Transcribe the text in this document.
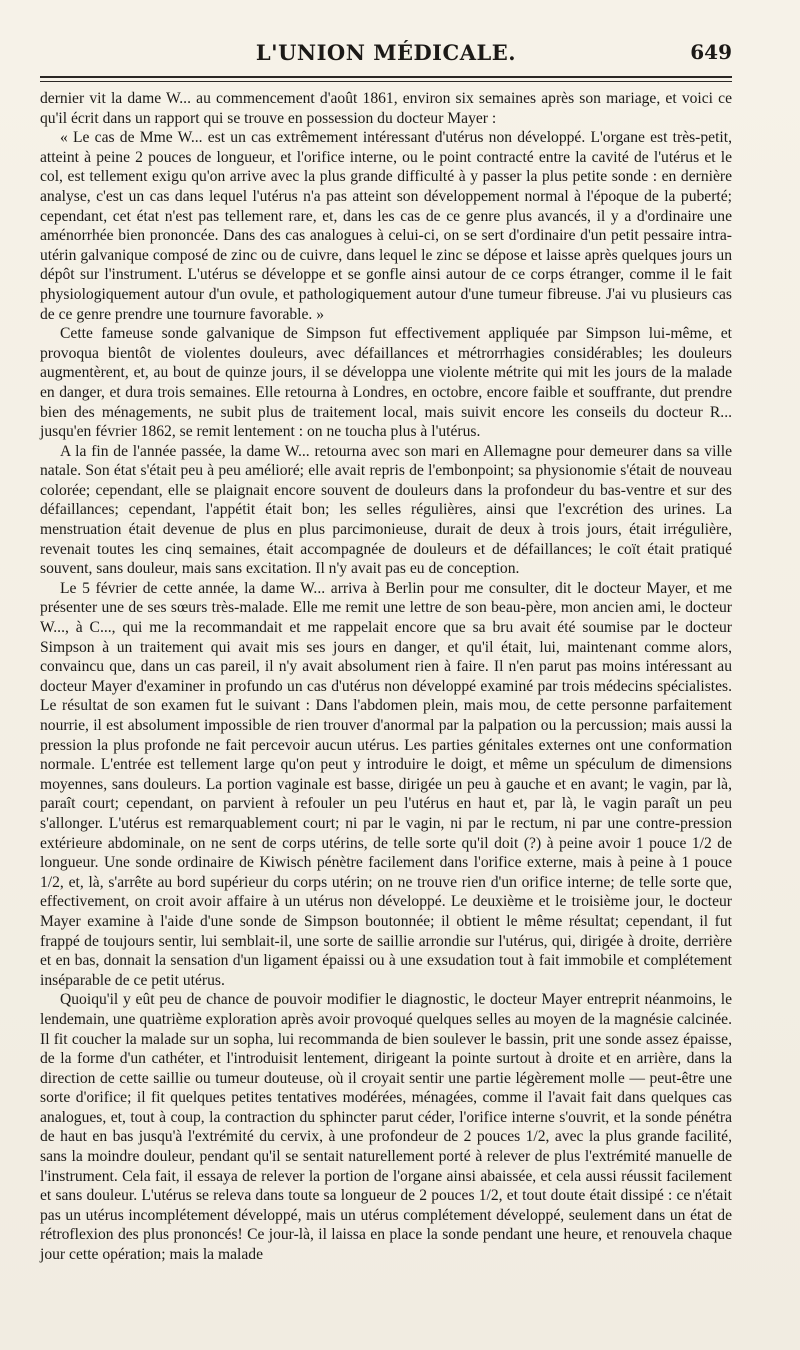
L'UNION MÉDICALE.	649

dernier vit la dame W... au commencement d'août 1861, environ six semaines après son mariage, et voici ce qu'il écrit dans un rapport qui se trouve en possession du docteur Mayer :

« Le cas de Mme W... est un cas extrêmement intéressant d'utérus non développé. L'organe est très-petit, atteint à peine 2 pouces de longueur, et l'orifice interne, ou le point contracté entre la cavité de l'utérus et le col, est tellement exigu qu'on arrive avec la plus grande difficulté à y passer la plus petite sonde : en dernière analyse, c'est un cas dans lequel l'utérus n'a pas atteint son développement normal à l'époque de la puberté; cependant, cet état n'est pas tellement rare, et, dans les cas de ce genre plus avancés, il y a d'ordinaire une aménorrhée bien prononcée. Dans des cas analogues à celui-ci, on se sert d'ordinaire d'un petit pessaire intra-utérin galvanique composé de zinc ou de cuivre, dans lequel le zinc se dépose et laisse après quelques jours un dépôt sur l'instrument. L'utérus se développe et se gonfle ainsi autour de ce corps étranger, comme il le fait physiologiquement autour d'un ovule, et pathologiquement autour d'une tumeur fibreuse. J'ai vu plusieurs cas de ce genre prendre une tournure favorable. »

Cette fameuse sonde galvanique de Simpson fut effectivement appliquée par Simpson lui-même, et provoqua bientôt de violentes douleurs, avec défaillances et métrorrhagies considérables; les douleurs augmentèrent, et, au bout de quinze jours, il se développa une violente métrite qui mit les jours de la malade en danger, et dura trois semaines. Elle retourna à Londres, en octobre, encore faible et souffrante, dut prendre bien des ménagements, ne subit plus de traitement local, mais suivit encore les conseils du docteur R... jusqu'en février 1862, se remit lentement : on ne toucha plus à l'utérus.

A la fin de l'année passée, la dame W... retourna avec son mari en Allemagne pour demeurer dans sa ville natale. Son état s'était peu à peu amélioré; elle avait repris de l'embonpoint; sa physionomie s'était de nouveau colorée; cependant, elle se plaignait encore souvent de douleurs dans la profondeur du bas-ventre et sur des défaillances; cependant, l'appétit était bon; les selles régulières, ainsi que l'excrétion des urines. La menstruation était devenue de plus en plus parcimonieuse, durait de deux à trois jours, était irrégulière, revenait toutes les cinq semaines, était accompagnée de douleurs et de défaillances; le coït était pratiqué souvent, sans douleur, mais sans excitation. Il n'y avait pas eu de conception.

Le 5 février de cette année, la dame W... arriva à Berlin pour me consulter, dit le docteur Mayer, et me présenter une de ses sœurs très-malade. Elle me remit une lettre de son beau-père, mon ancien ami, le docteur W..., à C..., qui me la recommandait et me rappelait encore que sa bru avait été soumise par le docteur Simpson à un traitement qui avait mis ses jours en danger, et qu'il était, lui, maintenant comme alors, convaincu que, dans un cas pareil, il n'y avait absolument rien à faire. Il n'en parut pas moins intéressant au docteur Mayer d'examiner in profundo un cas d'utérus non développé examiné par trois médecins spécialistes. Le résultat de son examen fut le suivant : Dans l'abdomen plein, mais mou, de cette personne parfaitement nourrie, il est absolument impossible de rien trouver d'anormal par la palpation ou la percussion; mais aussi la pression la plus profonde ne fait percevoir aucun utérus. Les parties génitales externes ont une conformation normale. L'entrée est tellement large qu'on peut y introduire le doigt, et même un spéculum de dimensions moyennes, sans douleurs. La portion vaginale est basse, dirigée un peu à gauche et en avant; le vagin, par là, paraît court; cependant, on parvient à refouler un peu l'utérus en haut et, par là, le vagin paraît un peu s'allonger. L'utérus est remarquablement court; ni par le vagin, ni par le rectum, ni par une contre-pression extérieure abdominale, on ne sent de corps utérins, de telle sorte qu'il doit (?) à peine avoir 1 pouce 1/2 de longueur. Une sonde ordinaire de Kiwisch pénètre facilement dans l'orifice externe, mais à peine à 1 pouce 1/2, et, là, s'arrête au bord supérieur du corps utérin; on ne trouve rien d'un orifice interne; de telle sorte que, effectivement, on croit avoir affaire à un utérus non développé. Le deuxième et le troisième jour, le docteur Mayer examine à l'aide d'une sonde de Simpson boutonnée; il obtient le même résultat; cependant, il fut frappé de toujours sentir, lui semblait-il, une sorte de saillie arrondie sur l'utérus, qui, dirigée à droite, derrière et en bas, donnait la sensation d'un ligament épaissi ou à une exsudation tout à fait immobile et complétement inséparable de ce petit utérus.

Quoiqu'il y eût peu de chance de pouvoir modifier le diagnostic, le docteur Mayer entreprit néanmoins, le lendemain, une quatrième exploration après avoir provoqué quelques selles au moyen de la magnésie calcinée. Il fit coucher la malade sur un sopha, lui recommanda de bien soulever le bassin, prit une sonde assez épaisse, de la forme d'un cathéter, et l'introduisit lentement, dirigeant la pointe surtout à droite et en arrière, dans la direction de cette saillie ou tumeur douteuse, où il croyait sentir une partie légèrement molle — peut-être une sorte d'orifice; il fit quelques petites tentatives modérées, ménagées, comme il l'avait fait dans quelques cas analogues, et, tout à coup, la contraction du sphincter parut céder, l'orifice interne s'ouvrit, et la sonde pénétra de haut en bas jusqu'à l'extrémité du cervix, à une profondeur de 2 pouces 1/2, avec la plus grande facilité, sans la moindre douleur, pendant qu'il se sentait naturellement porté à relever de plus l'extrémité manuelle de l'instrument. Cela fait, il essaya de relever la portion de l'organe ainsi abaissée, et cela aussi réussit facilement et sans douleur. L'utérus se releva dans toute sa longueur de 2 pouces 1/2, et tout doute était dissipé : ce n'était pas un utérus incomplétement développé, mais un utérus complétement développé, seulement dans un état de rétroflexion des plus prononcés! Ce jour-là, il laissa en place la sonde pendant une heure, et renouvela chaque jour cette opération; mais la malade
